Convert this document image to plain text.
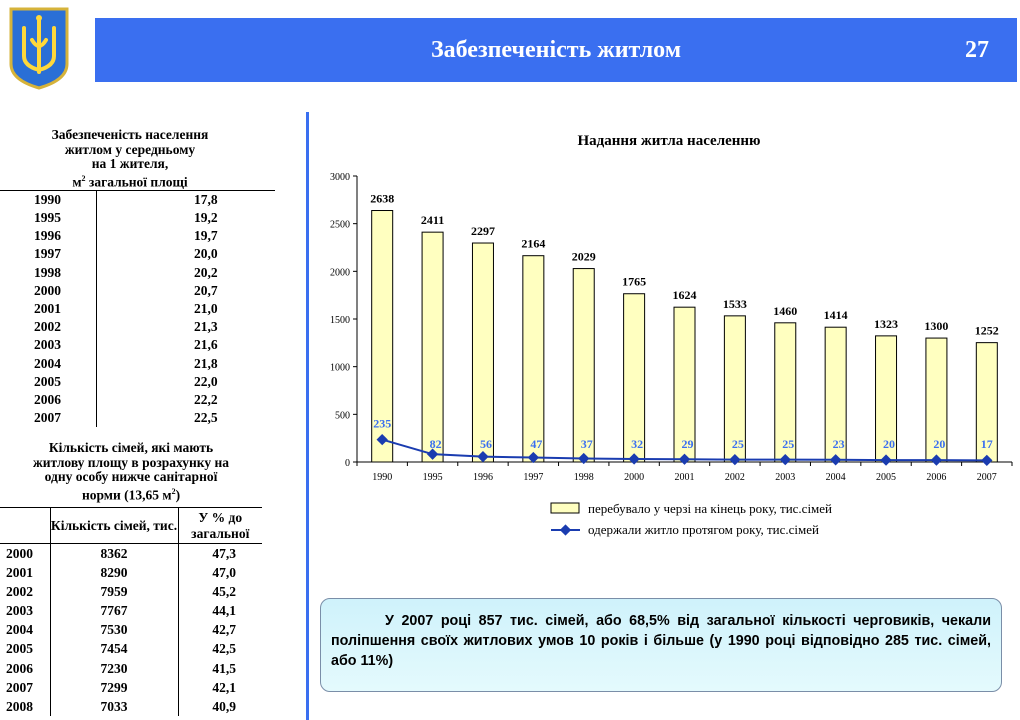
Забезпеченість житлом	27
Забезпеченість населення
житлом у середньому
на 1 жителя,
$м^2$ загальної площі
1990	17,8
1995	19,2
1996	19,7
1997	20,0
1998	20,2
2000	20,7
2001	21,0
2002	21,3
2003	21,6
2004	21,8
2005	22,0
2006	22,2
2007	22,5
Кількість сімей, які мають
житлову площу в розрахунку на
одну особу нижче санітарної
норми (13,65 $м^2$)
	Кількість сімей, тис.	У % до загальної
2000	8362	47,3
2001	8290	47,0
2002	7959	45,2
2003	7767	44,1
2004	7530	42,7
2005	7454	42,5
2006	7230	41,5
2007	7299	42,1
2008	7033	40,9
Надання житла населенню
0
500
1000
1500
2000
2500
3000
2638
2411
2297
2164
2029
1765
1624
1533 1460 1414
1323 1300 1252
1990	1995	1996	1997	1998	2000	2001	2002	2003	2004	2005	2006	2007
235
82	56	47	37	32	29	25	25	23	20	20	17
перебувало у черзі на кінець року, тис.сімей
одержали житло протягом року, тис.сімей

У 2007 році 857 тис. сімей, або 68,5% від загальної кількості черговиків, чекали поліпшення своїх житлових умов 10 років і більше (у 1990 році відповідно 285 тис. сімей, або 11%)
